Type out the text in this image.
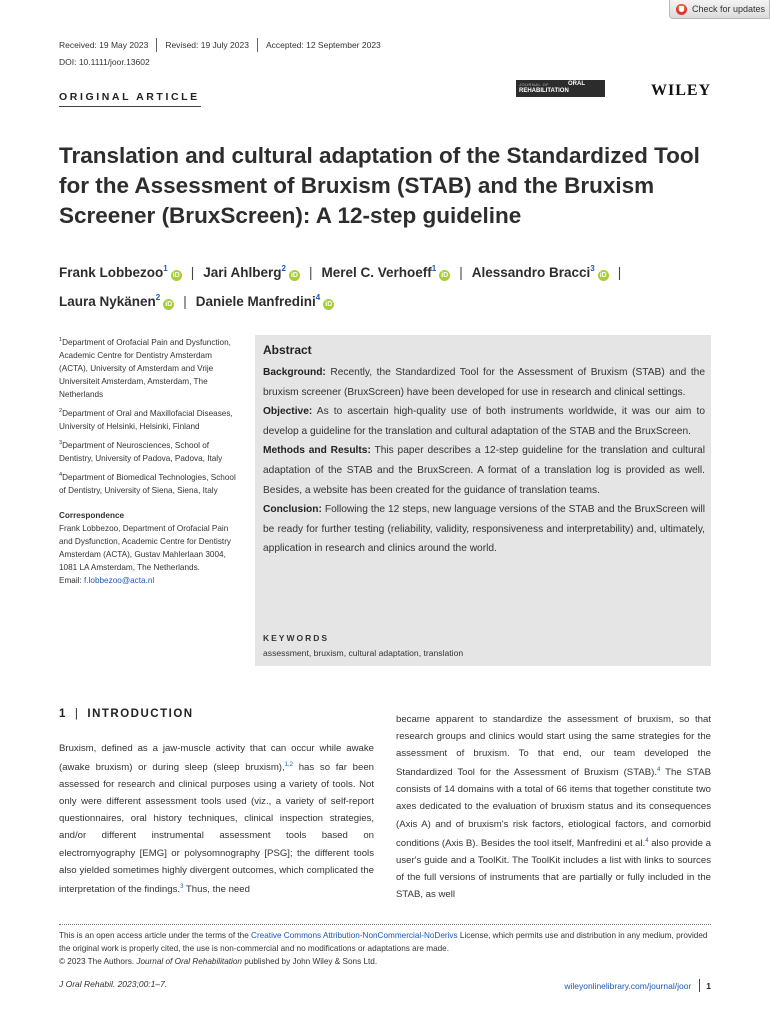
Check for updates
Received: 19 May 2023 Revised: 19 July 2023 Accepted: 12 September 2023
DOI: 10.1111/joor.13602
ORIGINAL ARTICLE
JOURNAL OF	ORAL
REHABILITATION	WILEY
Translation and cultural adaptation of the Standardized Tool for the Assessment of Bruxism (STAB) and the Bruxism Screener (BruxScreen): A 12-step guideline
Frank Lobbezoo$^1$iD | Jari Ahlberg$^2$iD | Merel C. Verhoeff$^1$iD | Alessandro Bracci$^3$iD |
Laura Nykänen$^2$iD | Daniele Manfredini$^4$iD
$^1$Department of Orofacial Pain and Dysfunction, Academic Centre for Dentistry Amsterdam (ACTA), University of Amsterdam and Vrije Universiteit Amsterdam, Amsterdam, The Netherlands
$^2$Department of Oral and Maxillofacial Diseases, University of Helsinki, Helsinki, Finland
$^3$Department of Neurosciences, School of Dentistry, University of Padova, Padova, Italy
$^4$Department of Biomedical Technologies, School of Dentistry, University of Siena, Siena, Italy
Correspondence
Frank Lobbezoo, Department of Orofacial Pain and Dysfunction, Academic Centre for Dentistry Amsterdam (ACTA), Gustav Mahlerlaan 3004, 1081 LA Amsterdam, The Netherlands.
Email: f.lobbezoo@acta.nl
Abstract

Background: Recently, the Standardized Tool for the Assessment of Bruxism (STAB) and the bruxism screener (BruxScreen) have been developed for use in research and clinical settings.

Objective: As to ascertain high-quality use of both instruments worldwide, it was our aim to develop a guideline for the translation and cultural adaptation of the STAB and the BruxScreen.

Methods and Results: This paper describes a 12-step guideline for the translation and cultural adaptation of the STAB and the BruxScreen. A format of a translation log is provided as well. Besides, a website has been created for the guidance of translation teams.

Conclusion: Following the 12 steps, new language versions of the STAB and the BruxScreen will be ready for further testing (reliability, validity, responsiveness and interpretability) and, ultimately, application in research and clinics around the world.

KEYWORDS
assessment, bruxism, cultural adaptation, translation
1 | INTRODUCTION

Bruxism, defined as a jaw-muscle activity that can occur while awake (awake bruxism) or during sleep (sleep bruxism),$^{1,2}$ has so far been assessed for research and clinical purposes using a variety of tools. Not only were different assessment tools used (viz., a variety of self-report questionnaires, oral history techniques, clinical inspection strategies, and/or different instrumental assessment tools based on electromyography [EMG] or polysomnography [PSG]; the different tools also yielded sometimes highly divergent outcomes, which complicated the interpretation of the findings.$^3$ Thus, the need

became apparent to standardize the assessment of bruxism, so that research groups and clinics would start using the same strategies for the assessment of bruxism. To that end, our team developed the Standardized Tool for the Assessment of Bruxism (STAB).$^4$ The STAB consists of 14 domains with a total of 66 items that together constitute two axes dedicated to the evaluation of bruxism status and its consequences (Axis A) and of bruxism's risk factors, etiological factors, and comorbid conditions (Axis B). Besides the tool itself, Manfredini et al.$^4$ also provide a user's guide and a ToolKit. The ToolKit includes a list with links to sources of the full versions of instruments that are partially or fully included in the STAB, as well

This is an open access article under the terms of the Creative Commons Attribution-NonCommercial-NoDerivs License, which permits use and distribution in any medium, provided the original work is properly cited, the use is non-commercial and no modifications or adaptations are made.
© 2023 The Authors. Journal of Oral Rehabilitation published by John Wiley & Sons Ltd.
J Oral Rehabil. 2023;00:1–7.	wileyonlinelibrary.com/journal/joor 1
